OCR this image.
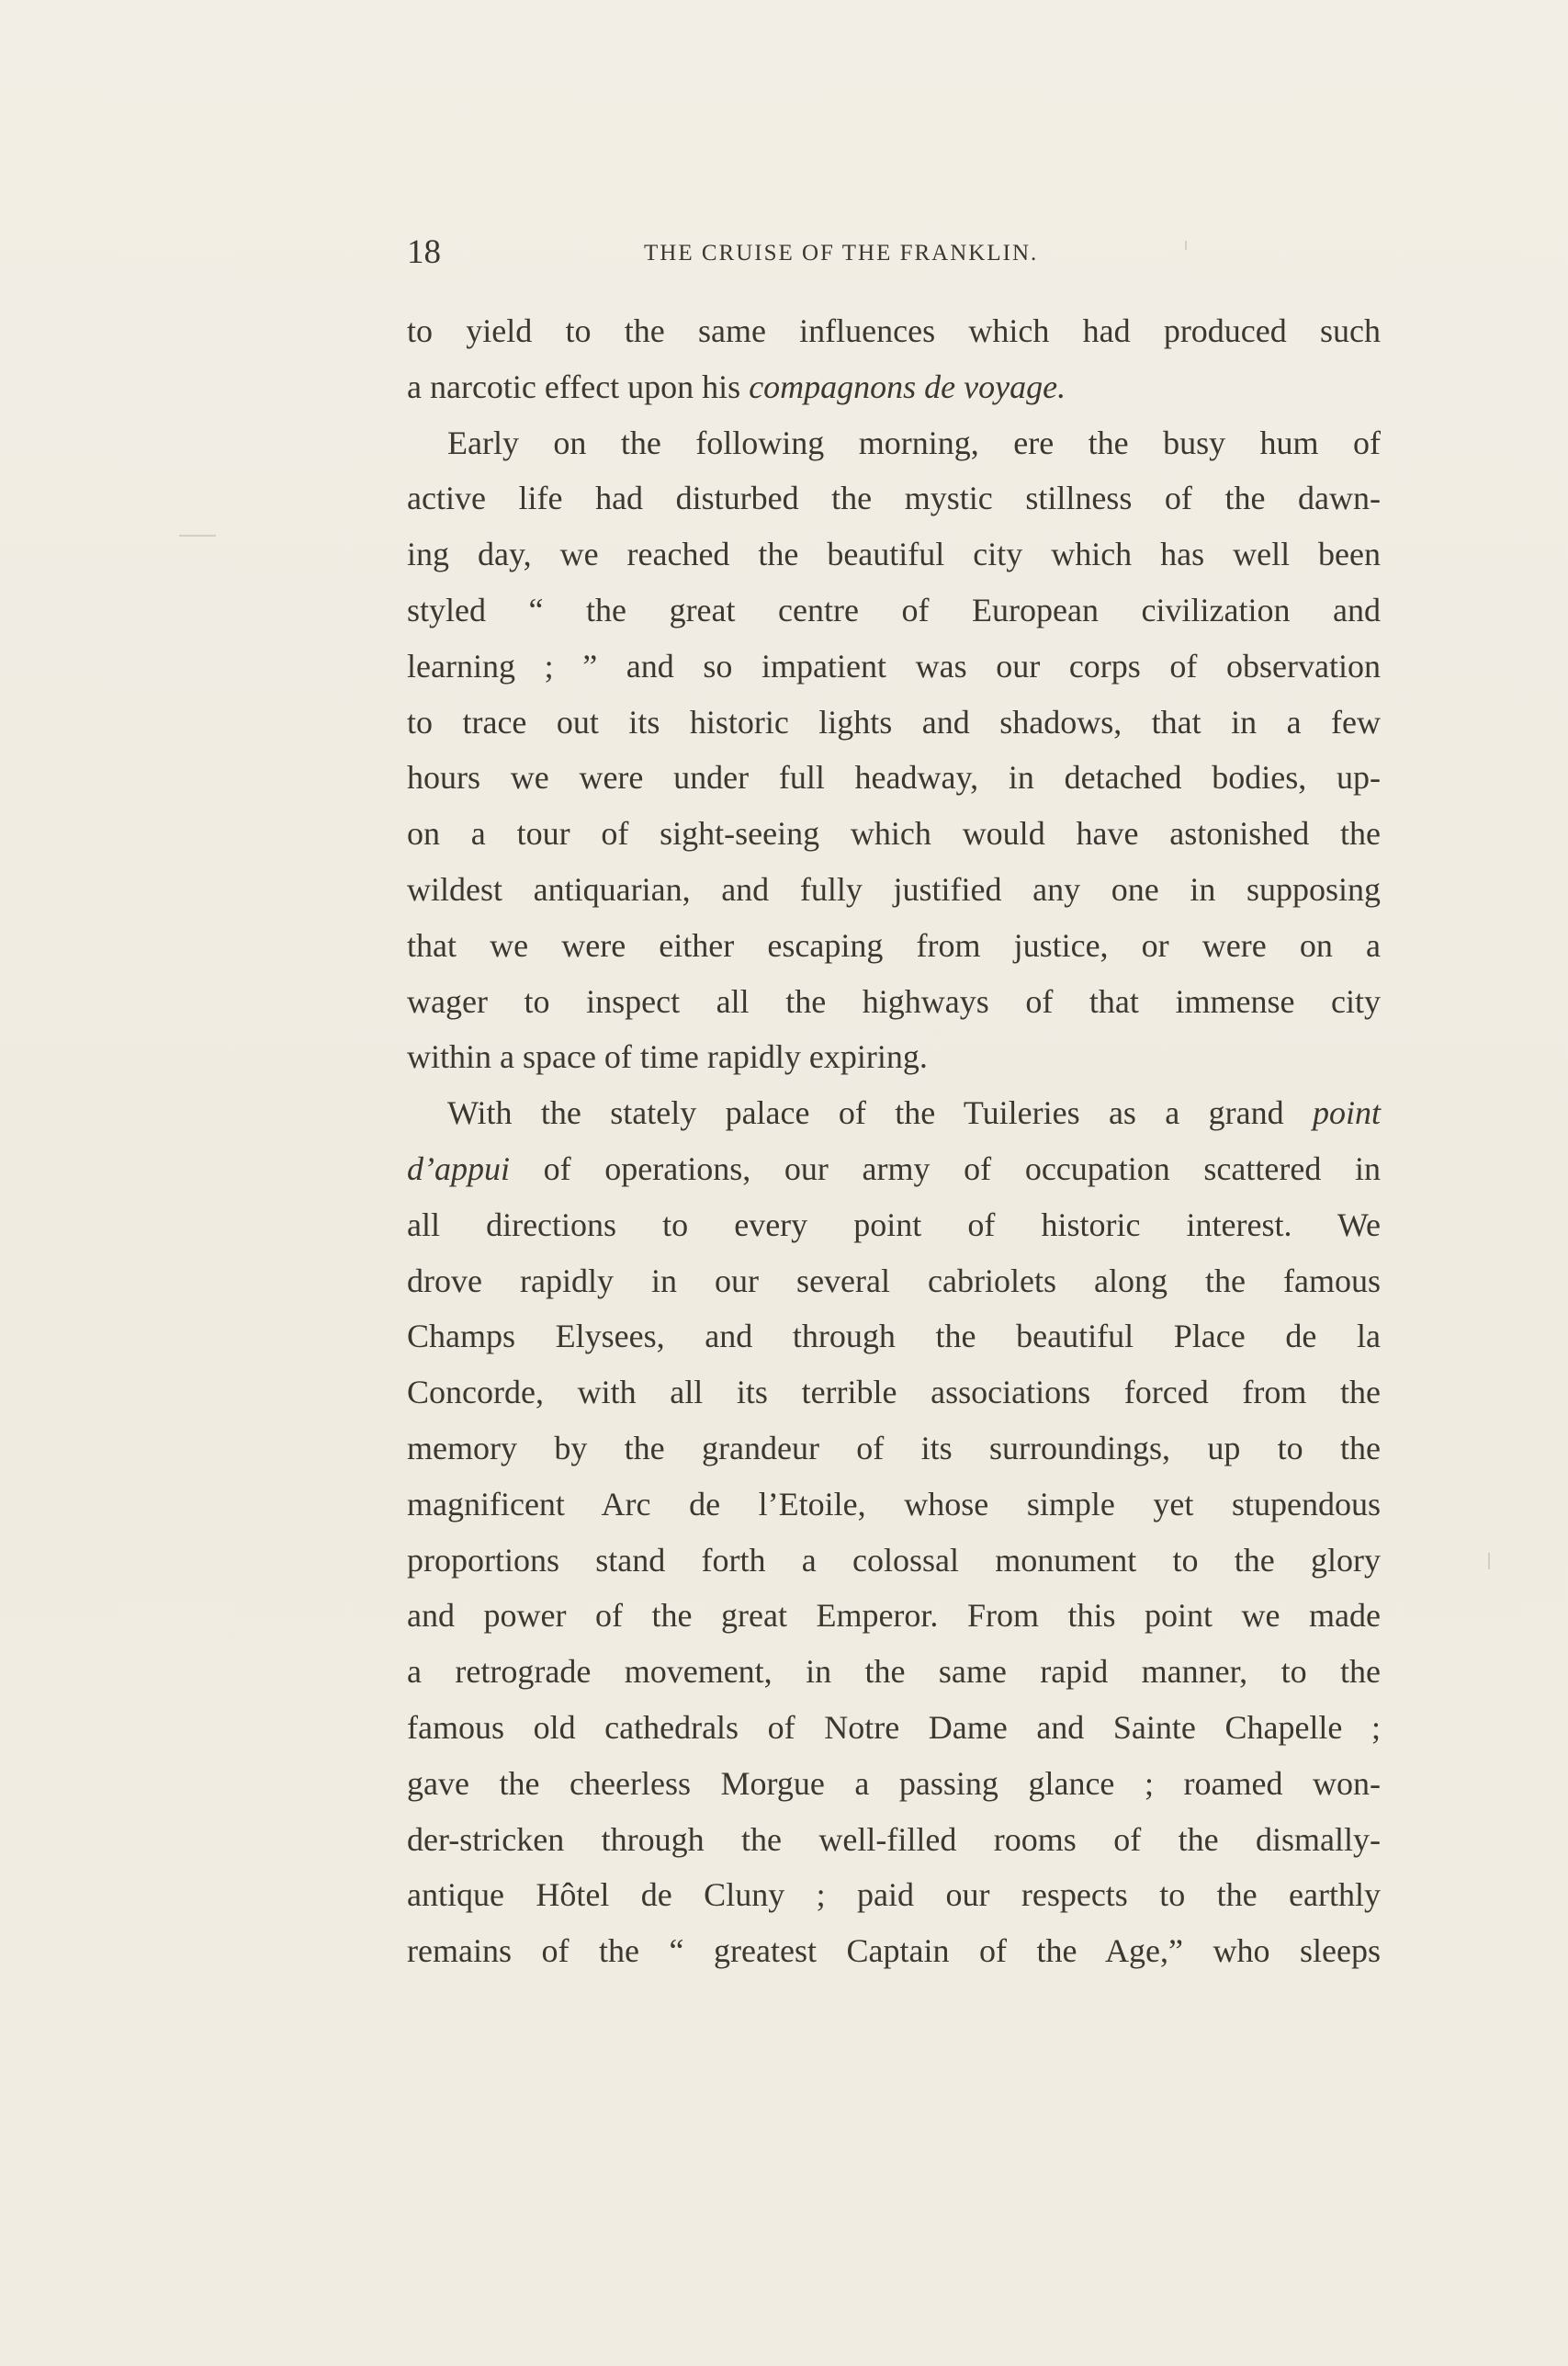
18	THE CRUISE OF THE FRANKLIN.
to yield to the same influences which had produced such
a narcotic effect upon his compagnons de voyage.
Early on the following morning, ere the busy hum of
active life had disturbed the mystic stillness of the dawn-
ing day, we reached the beautiful city which has well been
styled “ the great centre of European civilization and
learning ; ” and so impatient was our corps of observation
to trace out its historic lights and shadows, that in a few
hours we were under full headway, in detached bodies, up-
on a tour of sight-seeing which would have astonished the
wildest antiquarian, and fully justified any one in supposing
that we were either escaping from justice, or were on a
wager to inspect all the highways of that immense city
within a space of time rapidly expiring.
With the stately palace of the Tuileries as a grand point
d’appui of operations, our army of occupation scattered in
all directions to every point of historic interest. We
drove rapidly in our several cabriolets along the famous
Champs Elysees, and through the beautiful Place de la
Concorde, with all its terrible associations forced from the
memory by the grandeur of its surroundings, up to the
magnificent Arc de l’Etoile, whose simple yet stupendous
proportions stand forth a colossal monument to the glory
and power of the great Emperor. From this point we made
a retrograde movement, in the same rapid manner, to the
famous old cathedrals of Notre Dame and Sainte Chapelle ;
gave the cheerless Morgue a passing glance ; roamed won-
der-stricken through the well-filled rooms of the dismally-
antique Hôtel de Cluny ; paid our respects to the earthly
remains of the “ greatest Captain of the Age,” who sleeps
